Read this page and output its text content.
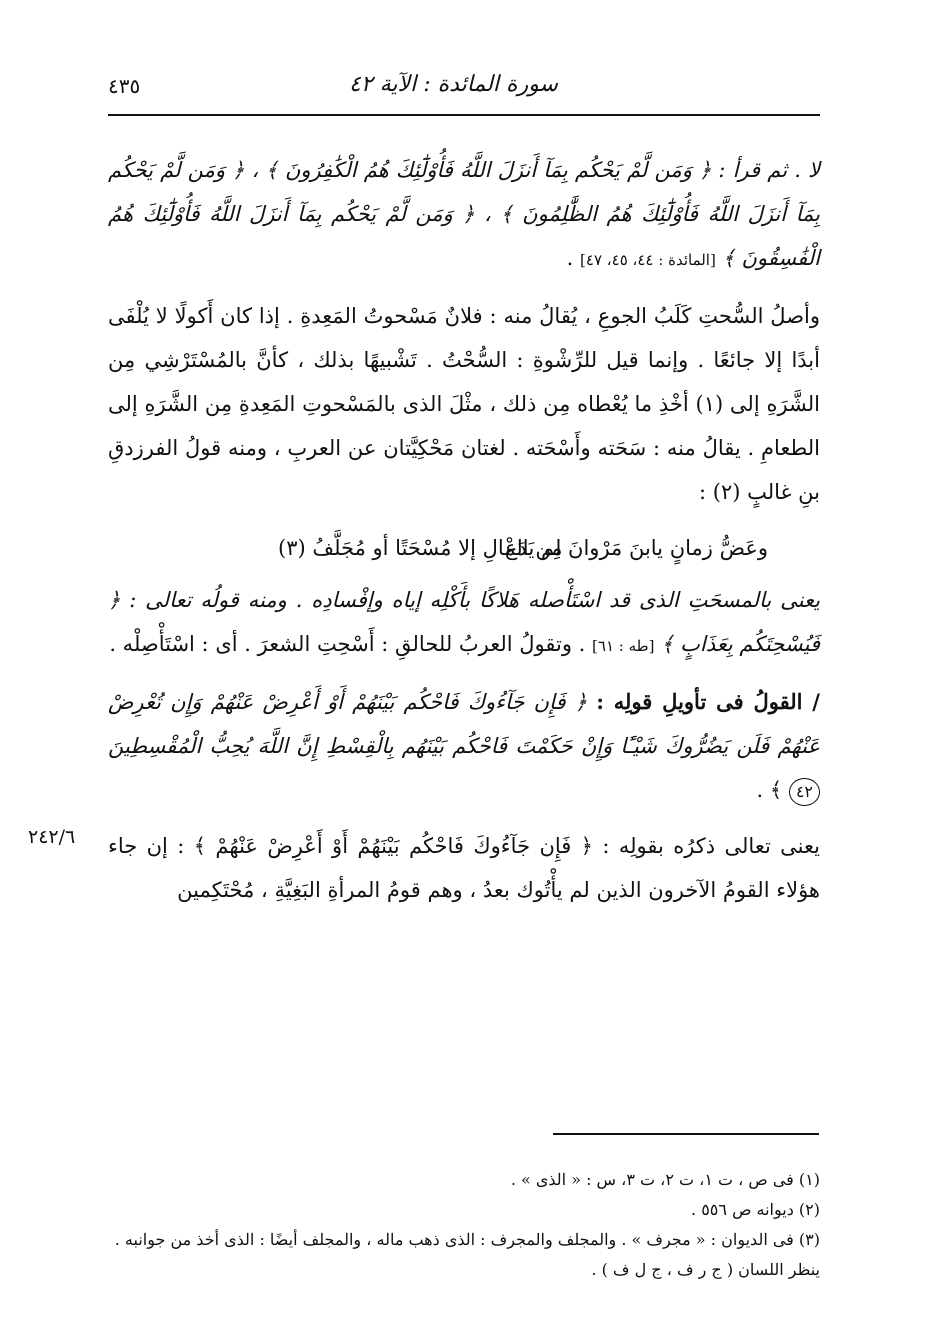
٤٣٥	سورة المائدة : الآية ٤٢
٢٤٢/٦

لا . ثم قرأ : ﴿ وَمَن لَّمْ يَحْكُم بِمَآ أَنزَلَ اللَّهُ فَأُوْلَٰٓئِكَ هُمُ الْكَٰفِرُونَ ﴾ ، ﴿ وَمَن لَّمْ يَحْكُم بِمَآ أَنزَلَ اللَّهُ فَأُوْلَٰٓئِكَ هُمُ الظَّٰلِمُونَ ﴾ ، ﴿ وَمَن لَّمْ يَحْكُم بِمَآ أَنزَلَ اللَّهُ فَأُوْلَٰٓئِكَ هُمُ الْفَٰسِقُونَ ﴾ [المائدة : ٤٤، ٤٥، ٤٧] .

وأصلُ السُّحتِ كَلَبُ الجوعِ ، يُقالُ منه : فلانٌ مَسْحوتُ المَعِدةِ . إذا كان أَكولًا لا يُلْفَى أبدًا إلا جائعًا . وإنما قيل للرِّشْوةِ : السُّحْتُ . تَشْبيهًا بذلك ، كأنَّ بالمُسْتَرْشِي مِن الشَّرَهِ إلى (١) أخْذِ ما يُعْطاه مِن ذلك ، مثْلَ الذى بالمَسْحوتِ المَعِدةِ مِن الشَّرَهِ إلى الطعامِ . يقالُ منه : سَحَته وأَسْحَته . لغتان مَحْكِيَّتان عن العربِ ، ومنه قولُ الفرزدقِ بنِ غالبٍ (٢) :

وعَضُّ زمانٍ يابنَ مَرْوانَ لم يَدَعْ
مِن المالِ إلا مُسْحَتًا أو مُجَلَّفُ (٣)

يعنى بالمسحَتِ الذى قد اسْتَأْصله هَلاكًا بأَكْلِه إياه وإفْسادِه . ومنه قولُه تعالى : ﴿ فَيُسْحِتَكُم بِعَذَابٍ ﴾ [طه : ٦١] . وتقولُ العربُ للحالقِ : أَسْحِتِ الشعرَ . أى : اسْتَأْصِلْه .

/ القولُ فى تأويلِ قولِه : ﴿ فَإِن جَآءُوكَ فَاحْكُم بَيْنَهُمْ أَوْ أَعْرِضْ عَنْهُمْ وَإِن تُعْرِضْ عَنْهُمْ فَلَن يَضُرُّوكَ شَيْـًٔا وَإِنْ حَكَمْتَ فَاحْكُم بَيْنَهُم بِالْقِسْطِ إِنَّ اللَّهَ يُحِبُّ الْمُقْسِطِينَ ٤٢ ﴾ .

يعنى تعالى ذكرُه بقولِه : ﴿ فَإِن جَآءُوكَ فَاحْكُم بَيْنَهُمْ أَوْ أَعْرِضْ عَنْهُمْ ﴾ : إن جاء هؤلاء القومُ الآخرون الذين لم يأْتُوك بعدُ ، وهم قومُ المرأةِ البَغِيَّةِ ، مُحْتَكِمين

(١) فى ص ، ت ١، ت ٢، ت ٣، س : « الذى » .

(٢) ديوانه ص ٥٥٦ .

(٣) فى الديوان : « مجرف » . والمجلف والمجرف : الذى ذهب ماله ، والمجلف أيضًا : الذى أخذ من جوانبه . ينظر اللسان ( ج ر ف ، ج ل ف ) .
